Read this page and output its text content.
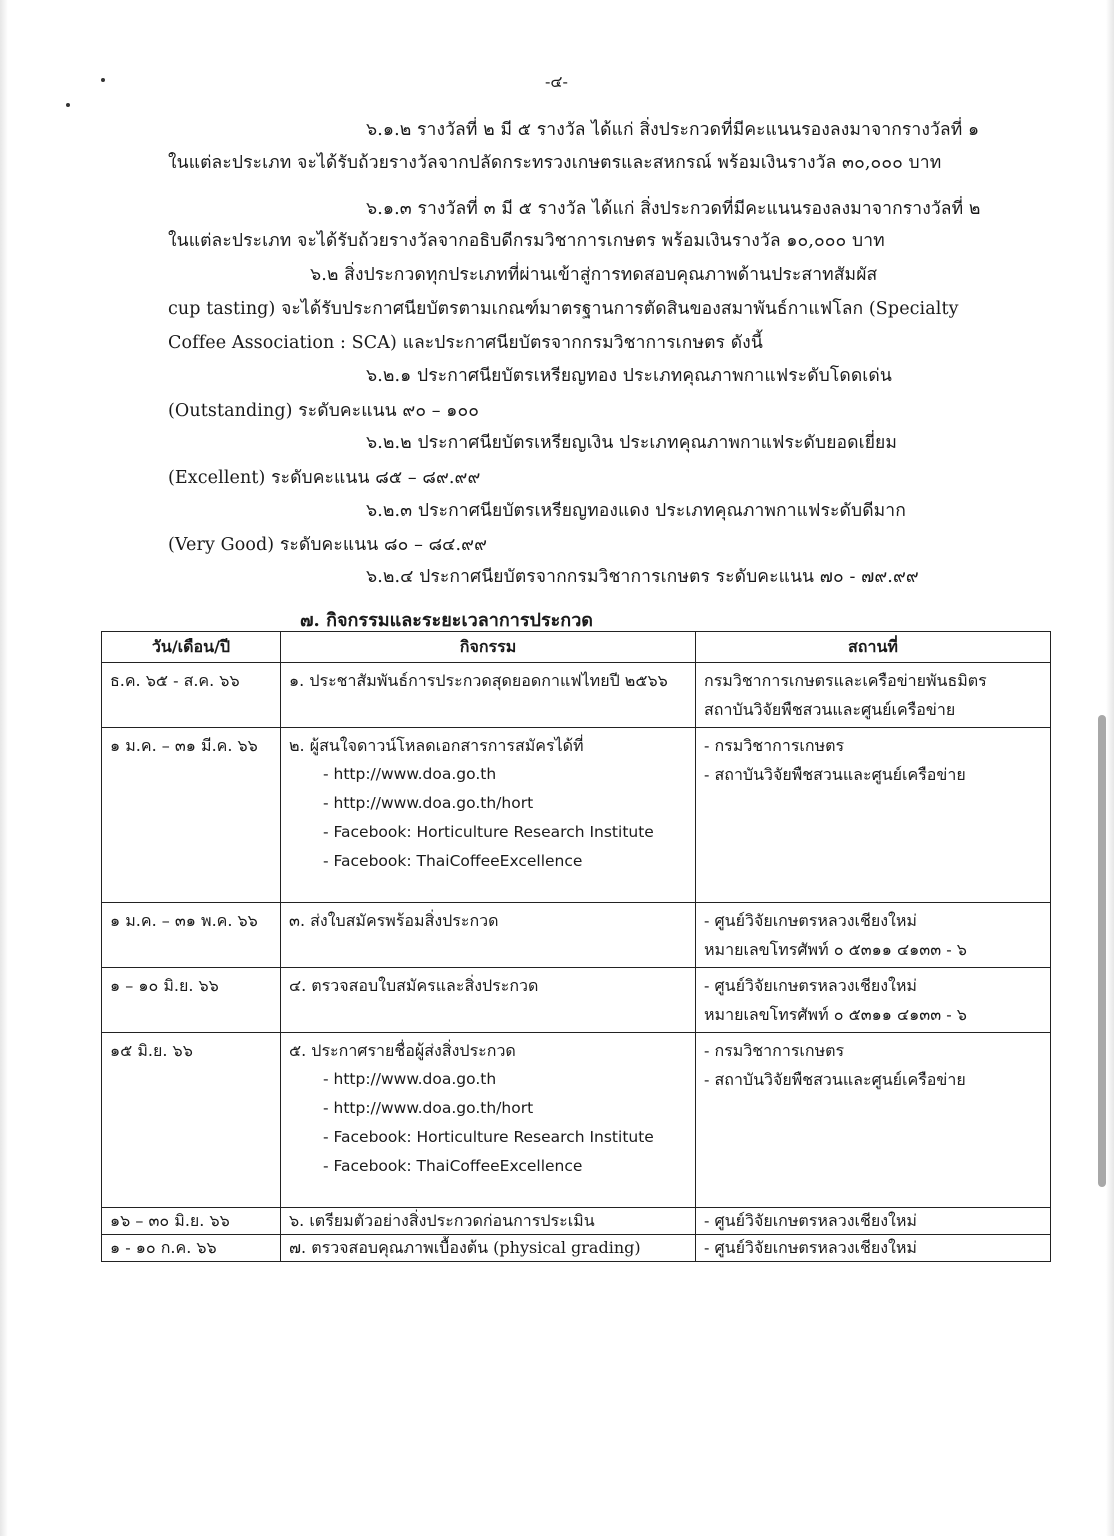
-๔-
๖.๑.๒ รางวัลที่ ๒ มี ๕ รางวัล ได้แก่ สิ่งประกวดที่มีคะแนนรองลงมาจากรางวัลที่ ๑
ในแต่ละประเภท จะได้รับถ้วยรางวัลจากปลัดกระทรวงเกษตรและสหกรณ์ พร้อมเงินรางวัล ๓๐,๐๐๐ บาท
๖.๑.๓ รางวัลที่ ๓ มี ๕ รางวัล ได้แก่ สิ่งประกวดที่มีคะแนนรองลงมาจากรางวัลที่ ๒
ในแต่ละประเภท จะได้รับถ้วยรางวัลจากอธิบดีกรมวิชาการเกษตร พร้อมเงินรางวัล ๑๐,๐๐๐ บาท
๖.๒ สิ่งประกวดทุกประเภทที่ผ่านเข้าสู่การทดสอบคุณภาพด้านประสาทสัมผัส
cup tasting) จะได้รับประกาศนียบัตรตามเกณฑ์มาตรฐานการตัดสินของสมาพันธ์กาแฟโลก (Specialty
Coffee Association : SCA) และประกาศนียบัตรจากกรมวิชาการเกษตร ดังนี้
๖.๒.๑ ประกาศนียบัตรเหรียญทอง ประเภทคุณภาพกาแฟระดับโดดเด่น
(Outstanding) ระดับคะแนน ๙๐ – ๑๐๐
๖.๒.๒ ประกาศนียบัตรเหรียญเงิน ประเภทคุณภาพกาแฟระดับยอดเยี่ยม
(Excellent) ระดับคะแนน ๘๕ – ๘๙.๙๙
๖.๒.๓ ประกาศนียบัตรเหรียญทองแดง ประเภทคุณภาพกาแฟระดับดีมาก
(Very Good) ระดับคะแนน ๘๐ – ๘๔.๙๙
๖.๒.๔ ประกาศนียบัตรจากกรมวิชาการเกษตร ระดับคะแนน ๗๐ - ๗๙.๙๙
๗. กิจกรรมและระยะเวลาการประกวด
วัน/เดือน/ปี	กิจกรรม	สถานที่
ธ.ค. ๖๕ - ส.ค. ๖๖	๑. ประชาสัมพันธ์การประกวดสุดยอดกาแฟไทยปี ๒๕๖๖	กรมวิชาการเกษตรและเครือข่ายพันธมิตร
สถาบันวิจัยพืชสวนและศูนย์เครือข่าย

๑ ม.ค. – ๓๑ มี.ค. ๖๖	๒. ผู้สนใจดาวน์โหลดเอกสารการสมัครได้ที่
- http://www.doa.go.th
- http://www.doa.go.th/hort
- Facebook: Horticulture Research Institute
- Facebook: ThaiCoffeeExcellence	- กรมวิชาการเกษตร
- สถาบันวิจัยพืชสวนและศูนย์เครือข่าย

๑ ม.ค. – ๓๑ พ.ค. ๖๖	๓. ส่งใบสมัครพร้อมสิ่งประกวด	- ศูนย์วิจัยเกษตรหลวงเชียงใหม่
หมายเลขโทรศัพท์ ๐ ๕๓๑๑ ๔๑๓๓ - ๖

๑ – ๑๐ มิ.ย. ๖๖	๔. ตรวจสอบใบสมัครและสิ่งประกวด	- ศูนย์วิจัยเกษตรหลวงเชียงใหม่
หมายเลขโทรศัพท์ ๐ ๕๓๑๑ ๔๑๓๓ - ๖

๑๕ มิ.ย. ๖๖	๕. ประกาศรายชื่อผู้ส่งสิ่งประกวด
- http://www.doa.go.th
- http://www.doa.go.th/hort
- Facebook: Horticulture Research Institute
- Facebook: ThaiCoffeeExcellence	- กรมวิชาการเกษตร
- สถาบันวิจัยพืชสวนและศูนย์เครือข่าย

๑๖ – ๓๐ มิ.ย. ๖๖	๖. เตรียมตัวอย่างสิ่งประกวดก่อนการประเมิน	- ศูนย์วิจัยเกษตรหลวงเชียงใหม่

๑ - ๑๐ ก.ค. ๖๖	๗. ตรวจสอบคุณภาพเบื้องต้น (physical grading)	- ศูนย์วิจัยเกษตรหลวงเชียงใหม่
